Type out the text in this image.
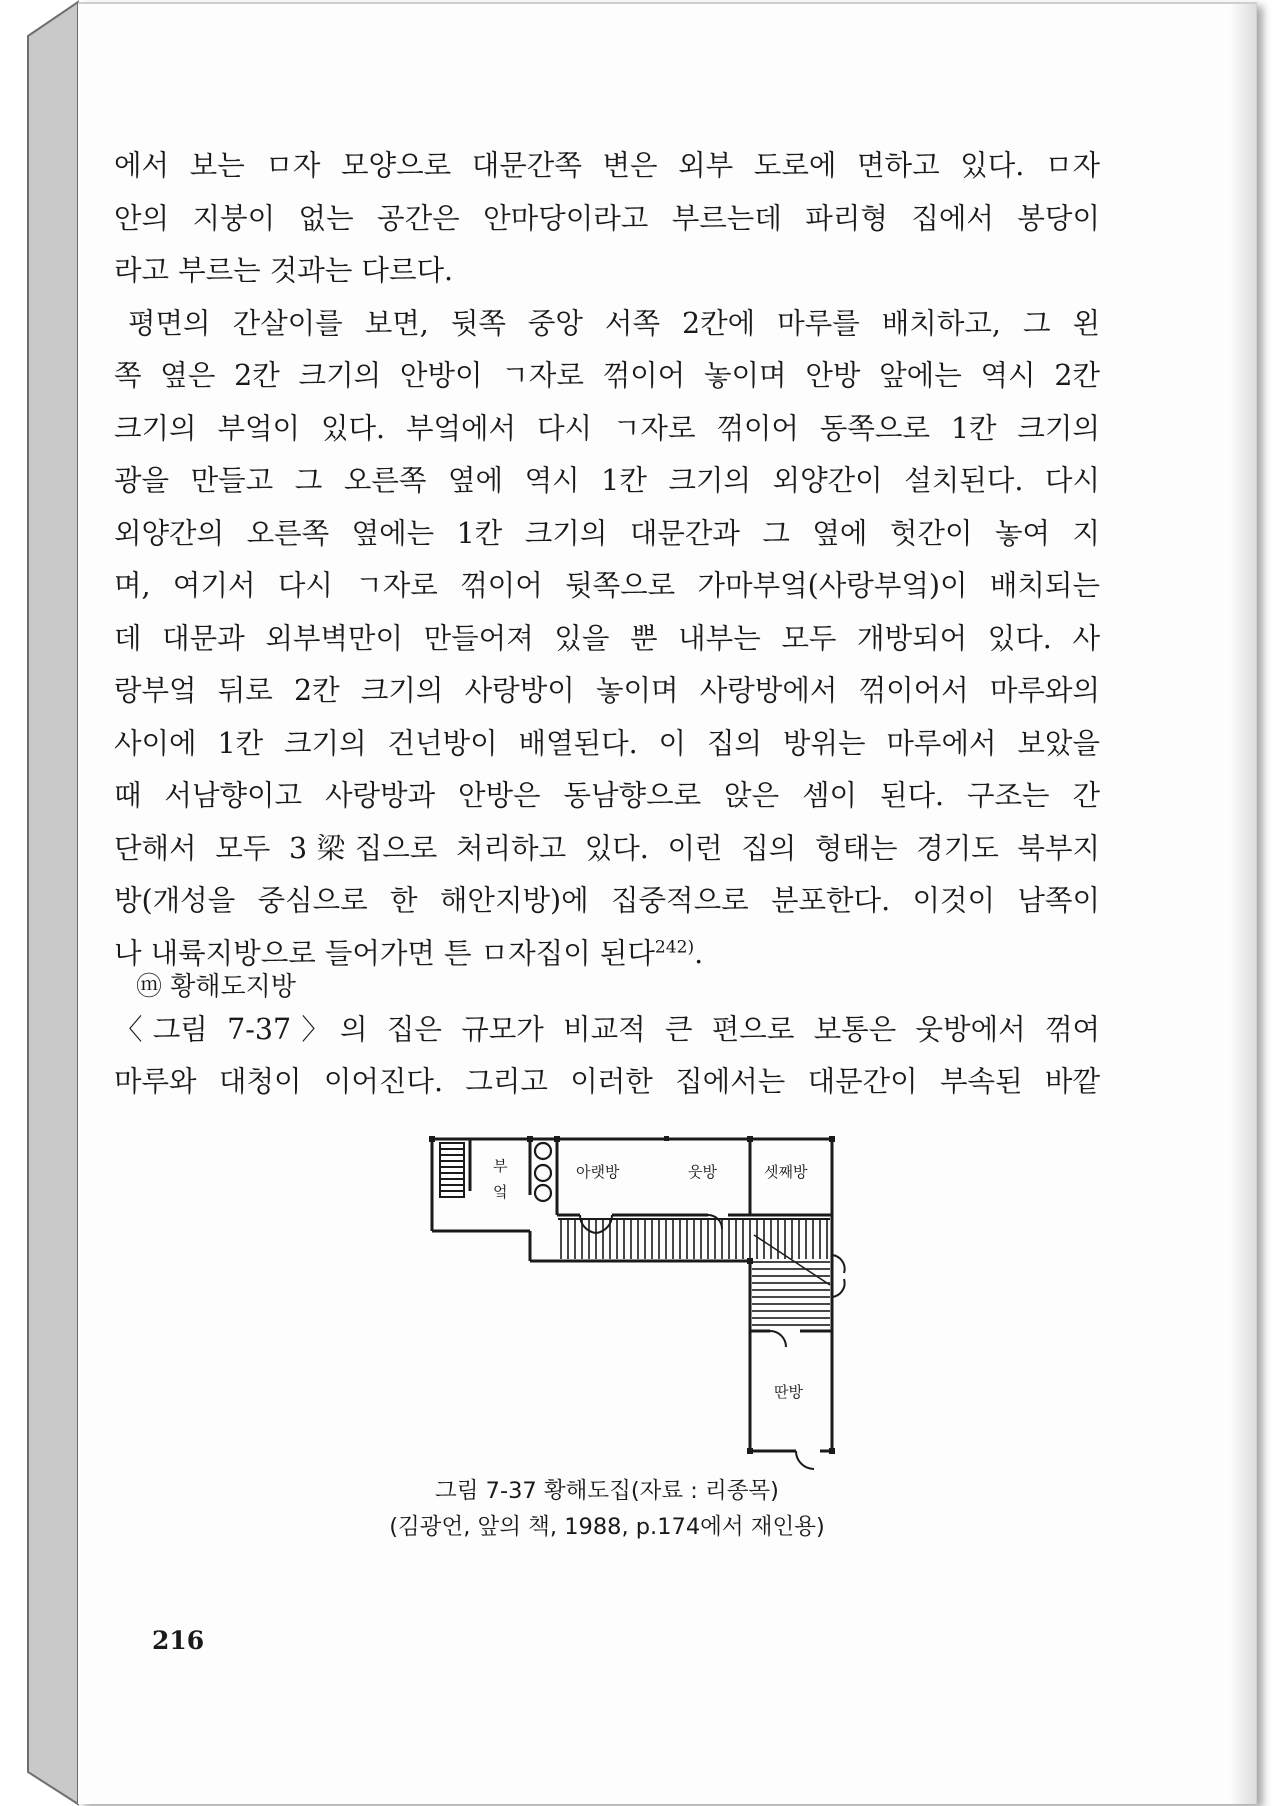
에서 보는 ㅁ자 모양으로 대문간쪽 변은 외부 도로에 면하고 있다. ㅁ자
안의 지붕이 없는 공간은 안마당이라고 부르는데 파리형 집에서 봉당이
라고 부르는 것과는 다르다.
평면의 간살이를 보면, 뒷쪽 중앙 서쪽 2칸에 마루를 배치하고, 그 왼
쪽 옆은 2칸 크기의 안방이 ㄱ자로 꺾이어 놓이며 안방 앞에는 역시 2칸
크기의 부엌이 있다. 부엌에서 다시 ㄱ자로 꺾이어 동쪽으로 1칸 크기의
광을 만들고 그 오른쪽 옆에 역시 1칸 크기의 외양간이 설치된다. 다시
외양간의 오른쪽 옆에는 1칸 크기의 대문간과 그 옆에 헛간이 놓여 지
며, 여기서 다시 ㄱ자로 꺾이어 뒷쪽으로 가마부엌(사랑부엌)이 배치되는
데 대문과 외부벽만이 만들어져 있을 뿐 내부는 모두 개방되어 있다. 사
랑부엌 뒤로 2칸 크기의 사랑방이 놓이며 사랑방에서 꺾이어서 마루와의
사이에 1칸 크기의 건넌방이 배열된다. 이 집의 방위는 마루에서 보았을
때 서남향이고 사랑방과 안방은 동남향으로 앉은 셈이 된다. 구조는 간
단해서 모두 3梁집으로 처리하고 있다. 이런 집의 형태는 경기도 북부지
방(개성을 중심으로 한 해안지방)에 집중적으로 분포한다. 이것이 남쪽이
나 내륙지방으로 들어가면 튼 ㅁ자집이 된다$^{242)}$.
ⓜ 황해도지방
〈그림 7-37〉의 집은 규모가 비교적 큰 편으로 보통은 웃방에서 꺾여
마루와 대청이 이어진다. 그리고 이러한 집에서는 대문간이 부속된 바깥
부
엌
아랫방	웃방	셋째방
딴방
그림 7-37 황해도집(자료 : 리종목)
(김광언, 앞의 책, 1988, p.174에서 재인용)
216
